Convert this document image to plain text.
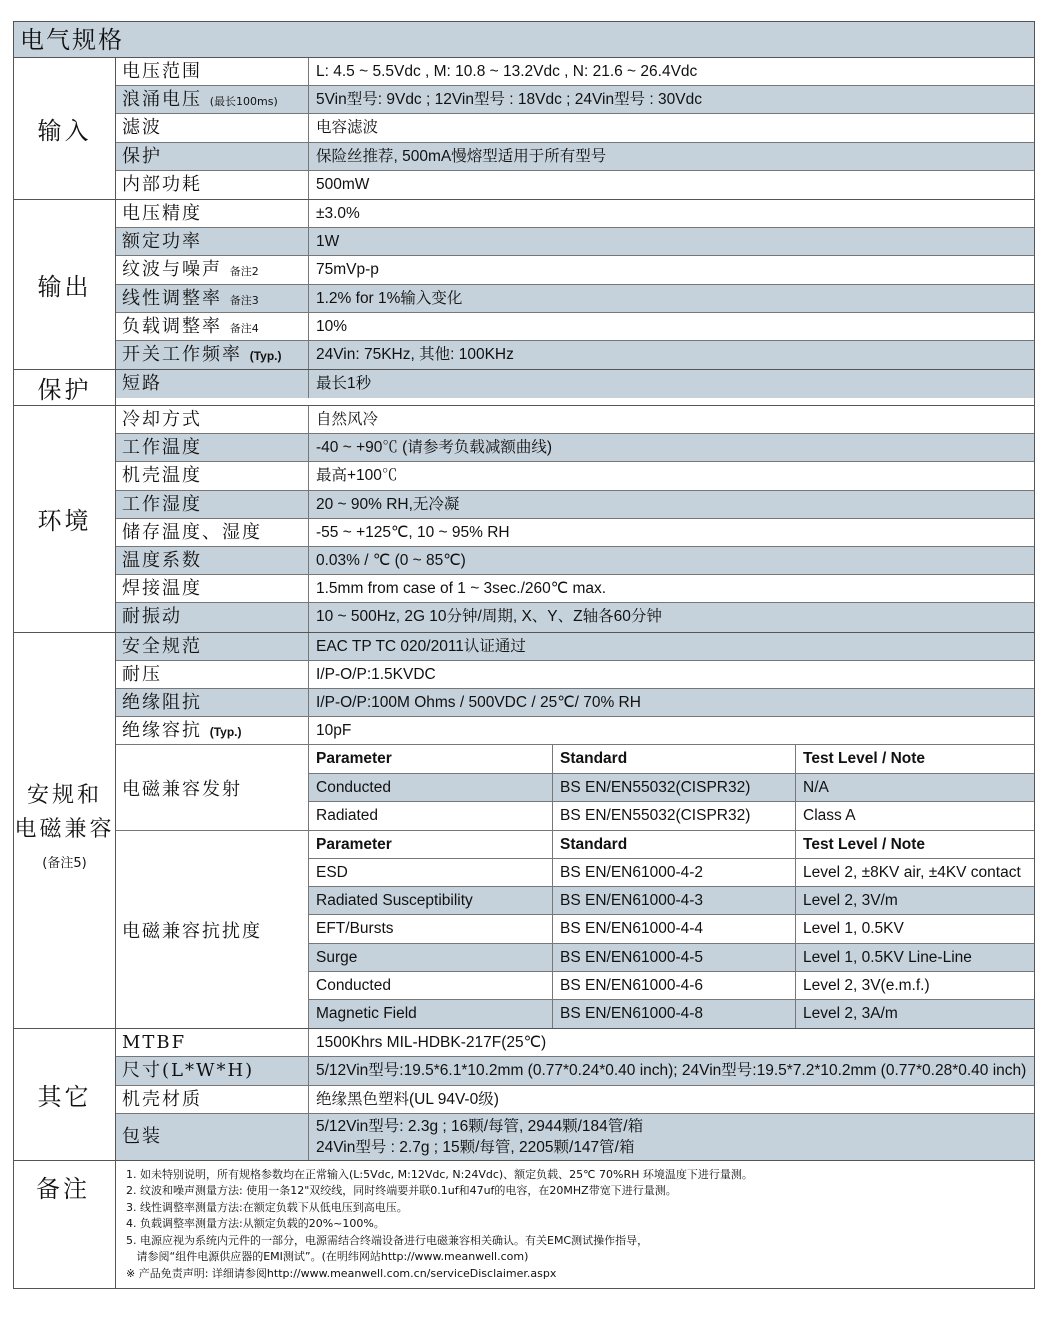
电气规格
输入
电压范围	L: 4.5 ~ 5.5Vdc , M: 10.8 ~ 13.2Vdc , N: 21.6 ~ 26.4Vdc
浪涌电压 (最长100ms)	5Vin型号: 9Vdc ; 12Vin型号 : 18Vdc ; 24Vin型号 : 30Vdc
滤波	电容滤波
保护	保险丝推荐, 500mA慢熔型适用于所有型号
内部功耗	500mW
输出
电压精度	±3.0%
额定功率	1W
纹波与噪声 备注2	75mVp-p
线性调整率 备注3	1.2% for 1%输入变化
负载调整率 备注4	10%
开关工作频率 (Typ.)	24Vin: 75KHz, 其他: 100KHz
保护	短路	最长1秒
环境
冷却方式	自然风冷
工作温度	-40 ~ +90℃ (请参考负载减额曲线)
机壳温度	最高+100℃
工作湿度	20 ~ 90% RH,无冷凝
储存温度、湿度	-55 ~ +125℃, 10 ~ 95% RH
温度系数	0.03% / ℃ (0 ~ 85℃)
焊接温度	1.5mm from case of 1 ~ 3sec./260℃ max.
耐振动	10 ~ 500Hz, 2G 10分钟/周期, X、Y、Z轴各60分钟
安规和
电磁兼容
(备注5)
安全规范	EAC TP TC 020/2011认证通过
耐压	I/P-O/P:1.5KVDC
绝缘阻抗	I/P-O/P:100M Ohms / 500VDC / 25℃/ 70% RH
绝缘容抗 (Typ.)	10pF
电磁兼容发射
Parameter	Standard	Test Level / Note
Conducted	BS EN/EN55032(CISPR32)	N/A
Radiated	BS EN/EN55032(CISPR32)	Class A
电磁兼容抗扰度
Parameter	Standard	Test Level / Note
ESD	BS EN/EN61000-4-2	Level 2, ±8KV air, ±4KV contact
Radiated Susceptibility	BS EN/EN61000-4-3	Level 2, 3V/m
EFT/Bursts	BS EN/EN61000-4-4	Level 1, 0.5KV
Surge	BS EN/EN61000-4-5	Level 1, 0.5KV Line-Line
Conducted	BS EN/EN61000-4-6	Level 2, 3V(e.m.f.)
Magnetic Field	BS EN/EN61000-4-8	Level 2, 3A/m
其它
MTBF	1500Khrs MIL-HDBK-217F(25℃)
尺寸(L*W*H)	5/12Vin型号:19.5*6.1*10.2mm (0.77*0.24*0.40 inch); 24Vin型号:19.5*7.2*10.2mm (0.77*0.28*0.40 inch)
机壳材质	绝缘黑色塑料(UL 94V-0级)
包装	5/12Vin型号: 2.3g ; 16颗/每管, 2944颗/184管/箱
24Vin型号 : 2.7g ; 15颗/每管, 2205颗/147管/箱
备注
1. 如未特别说明，所有规格参数均在正常输入(L:5Vdc, M:12Vdc, N:24Vdc)、额定负载、25℃ 70%RH 环境温度下进行量测。
2. 纹波和噪声测量方法: 使用一条12"双绞线，同时终端要并联0.1uf和47uf的电容，在20MHZ带宽下进行量测。
3. 线性调整率测量方法:在额定负载下从低电压到高电压。
4. 负载调整率测量方法:从额定负载的20%~100%。
5. 电源应视为系统内元件的一部分，电源需结合终端设备进行电磁兼容相关确认。有关EMC测试操作指导，
请参阅“组件电源供应器的EMI测试”。(在明纬网站http://www.meanwell.com)
※ 产品免责声明: 详细请参阅http://www.meanwell.com.cn/serviceDisclaimer.aspx
